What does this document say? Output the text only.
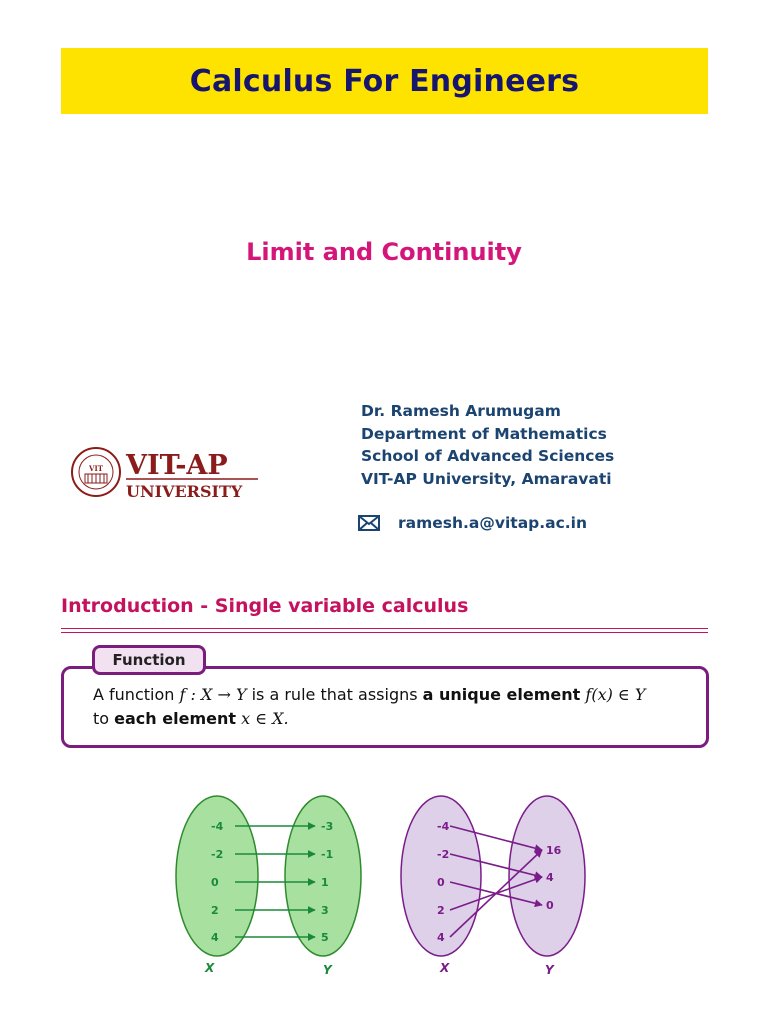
Calculus For Engineers
Limit and Continuity
VIT VIT-AP
UNIVERSITY
Dr. Ramesh Arumugam
Department of Mathematics
School of Advanced Sciences
VIT-AP University, Amaravati
ramesh.a@vitap.ac.in
Introduction - Single variable calculus
Function
A function f : X → Y is a rule that assigns a unique element f(x) ∈ Y
to each element x ∈ X.
-4
-2
0
2
4
-3
-1
1
3
5
X	Y
-4
-2
0
2
4
16
4
0
X	Y
